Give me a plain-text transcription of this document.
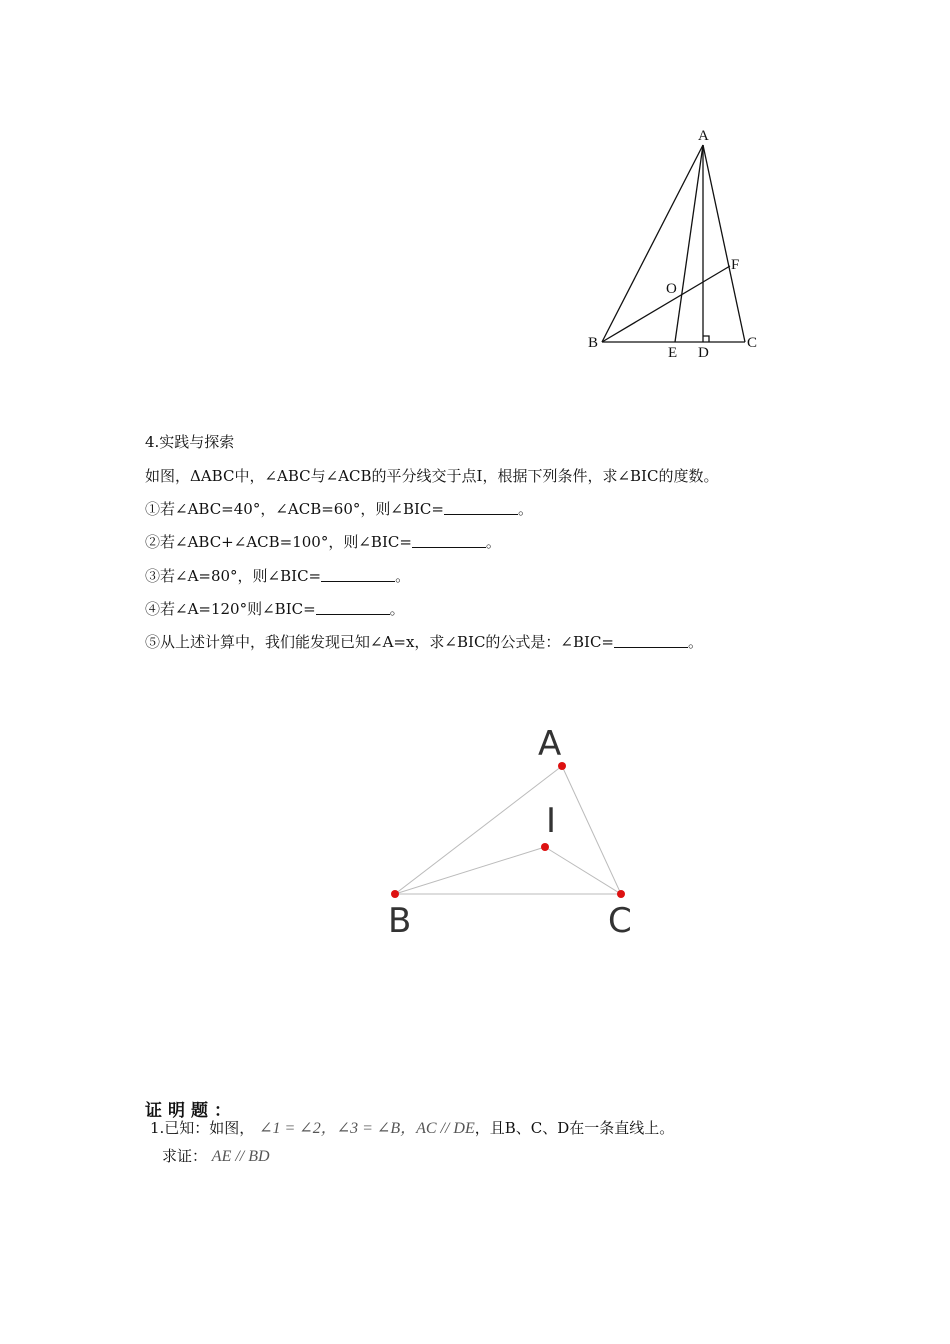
A
B	C
D
E
F
O
4.实践与探索
如图，ΔABC中，∠ABC与∠ACB的平分线交于点I，根据下列条件，求∠BIC的度数。
①若∠ABC=40°，∠ACB=60°，则∠BIC=	。
②若∠ABC+∠ACB=100°，则∠BIC=	。
③若∠A=80°，则∠BIC=	。
④若∠A=120°则∠BIC=	。
⑤从上述计算中，我们能发现已知∠A=x，求∠BIC的公式是：∠BIC=	。
A
I
B	C
证明题：
1.已知：如图， ∠1 = ∠2，∠3 = ∠B，AC // DE，且B、C、D在一条直线上。
求证： AE // BD
